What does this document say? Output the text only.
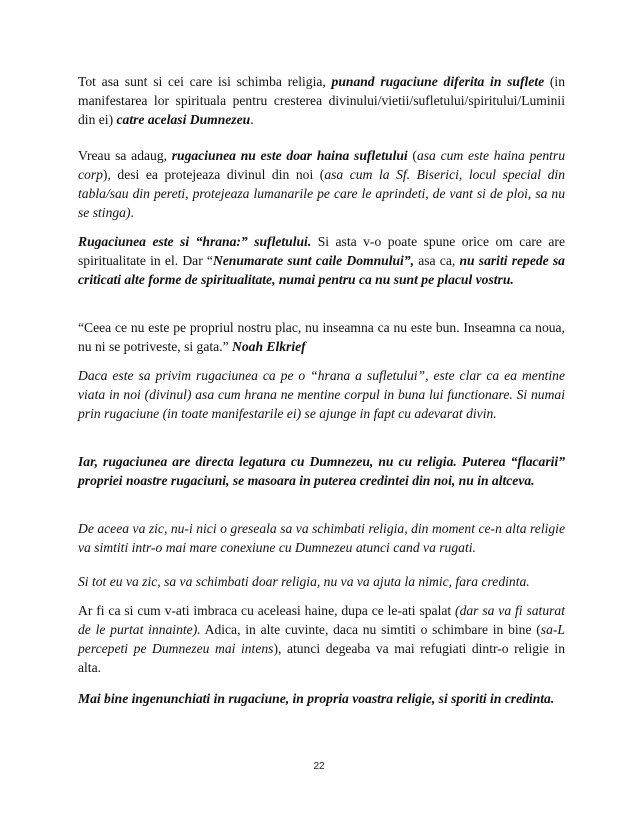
Tot asa sunt si cei care isi schimba religia, punand rugaciune diferita in suflete (in manifestarea lor spirituala pentru cresterea divinului/vietii/sufletului/spiritului/Luminii din ei) catre acelasi Dumnezeu.

Vreau sa adaug, rugaciunea nu este doar haina sufletului (asa cum este haina pentru corp), desi ea protejeaza divinul din noi (asa cum la Sf. Biserici, locul special din tabla/sau din pereti, protejeaza lumanarile pe care le aprindeti, de vant si de ploi, sa nu se stinga).

Rugaciunea este si “hrana:” sufletului. Si asta v-o poate spune orice om care are spiritualitate in el. Dar “Nenumarate sunt caile Domnului”, asa ca, nu sariti repede sa criticati alte forme de spiritualitate, numai pentru ca nu sunt pe placul vostru.

“Ceea ce nu este pe propriul nostru plac, nu inseamna ca nu este bun. Inseamna ca noua, nu ni se potriveste, si gata.” Noah Elkrief

Daca este sa privim rugaciunea ca pe o “hrana a sufletului”, este clar ca ea mentine viata in noi (divinul) asa cum hrana ne mentine corpul in buna lui functionare. Si numai prin rugaciune (in toate manifestarile ei) se ajunge in fapt cu adevarat divin.

Iar, rugaciunea are directa legatura cu Dumnezeu, nu cu religia. Puterea “flacarii” propriei noastre rugaciuni, se masoara in puterea credintei din noi, nu in altceva.

De aceea va zic, nu-i nici o greseala sa va schimbati religia, din moment ce-n alta religie va simtiti intr-o mai mare conexiune cu Dumnezeu atunci cand va rugati.

Si tot eu va zic, sa va schimbati doar religia, nu va va ajuta la nimic, fara credinta.

Ar fi ca si cum v-ati imbraca cu aceleasi haine, dupa ce le-ati spalat (dar sa va fi saturat de le purtat innainte). Adica, in alte cuvinte, daca nu simtiti o schimbare in bine (sa-L percepeti pe Dumnezeu mai intens), atunci degeaba va mai refugiati dintr-o religie in alta.

Mai bine ingenunchiati in rugaciune, in propria voastra religie, si sporiti in credinta.

22
